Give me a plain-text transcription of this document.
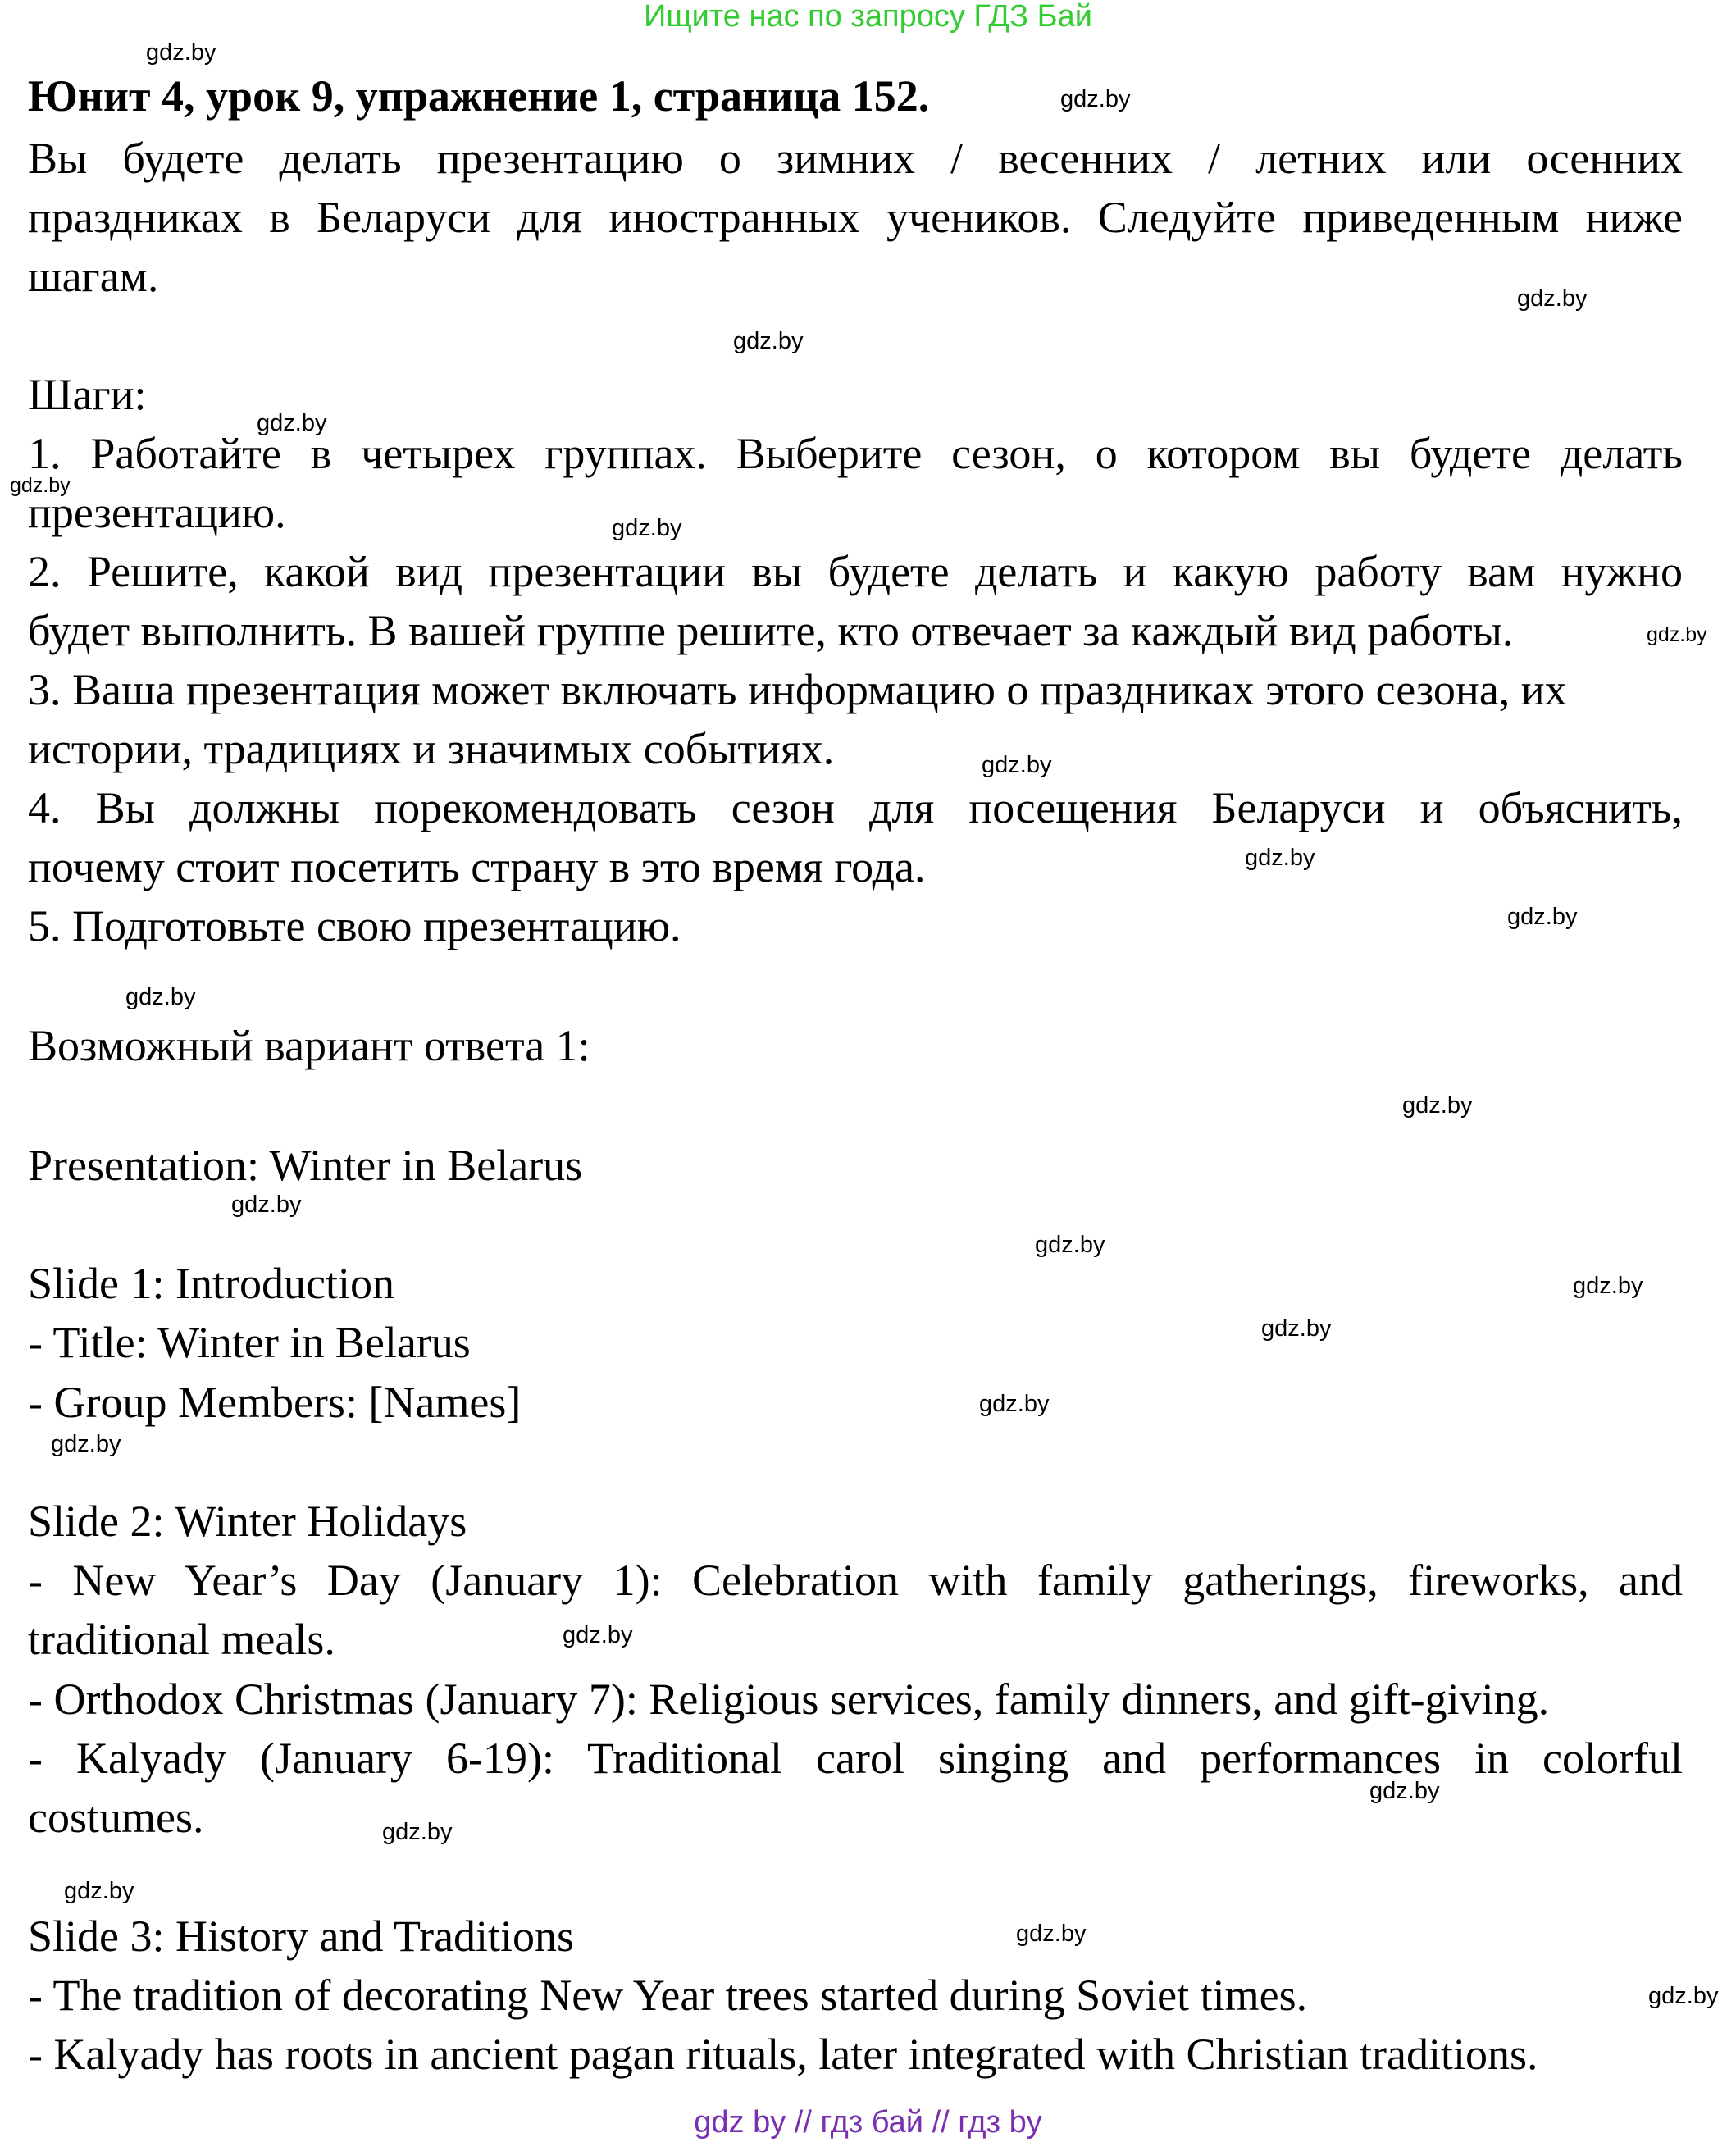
Ищите нас по запросу ГДЗ Бай
Юнит 4, урок 9, упражнение 1, страница 152.
Вы будете делать презентацию о зимних / весенних / летних или осенних
праздниках в Беларуси для иностранных учеников. Следуйте приведенным ниже
шагам.
Шаги:
1. Работайте в четырех группах. Выберите сезон, о котором вы будете делать
презентацию.
2. Решите, какой вид презентации вы будете делать и какую работу вам нужно
будет выполнить. В вашей группе решите, кто отвечает за каждый вид работы.
3. Ваша презентация может включать информацию о праздниках этого сезона, их
истории, традициях и значимых событиях.
4. Вы должны порекомендовать сезон для посещения Беларуси и объяснить,
почему стоит посетить страну в это время года.
5. Подготовьте свою презентацию.
Возможный вариант ответа 1:
Presentation: Winter in Belarus
Slide 1: Introduction
- Title: Winter in Belarus
- Group Members: [Names]
Slide 2: Winter Holidays
- New Year’s Day (January 1): Celebration with family gatherings, fireworks, and
traditional meals.
- Orthodox Christmas (January 7): Religious services, family dinners, and gift-giving.
- Kalyady (January 6-19): Traditional carol singing and performances in colorful
costumes.
Slide 3: History and Traditions
- The tradition of decorating New Year trees started during Soviet times.
- Kalyady has roots in ancient pagan rituals, later integrated with Christian traditions.
gdz.by
gdz.by
gdz.by
gdz.by
gdz.by
gdz.by
gdz.by
gdz.by
gdz.by
gdz.by
gdz.by
gdz.by
gdz.by
gdz.by
gdz.by
gdz.by
gdz.by
gdz.by
gdz.by
gdz.by
gdz.by
gdz.by
gdz.by
gdz.by
gdz.by
gdz by // гдз бай // гдз by
